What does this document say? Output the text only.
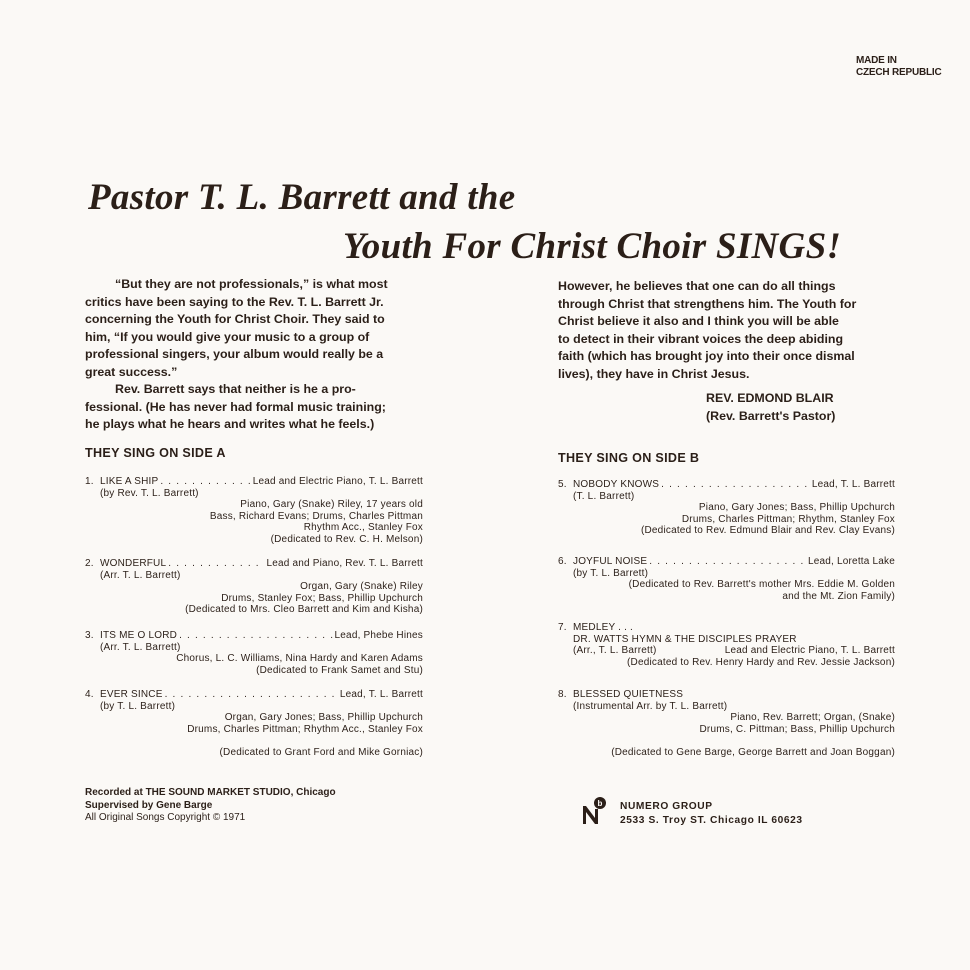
MADE IN
CZECH REPUBLIC
Pastor T. L. Barrett and the
Youth For Christ Choir SINGS!
“But they are not professionals,” is what most
critics have been saying to the Rev. T. L. Barrett Jr.
concerning the Youth for Christ Choir. They said to
him, “If you would give your music to a group of
professional singers, your album would really be a
great success.”
Rev. Barrett says that neither is he a pro-
fessional. (He has never had formal music training;
he plays what he hears and writes what he feels.)
However, he believes that one can do all things
through Christ that strengthens him. The Youth for
Christ believe it also and I think you will be able
to detect in their vibrant voices the deep abiding
faith (which has brought joy into their once dismal
lives), they have in Christ Jesus.
REV. EDMOND BLAIR
(Rev. Barrett's Pastor)
THEY SING ON SIDE A	THEY SING ON SIDE B
1. LIKE A SHIP . . .	Lead and Electric Piano, T. L. Barrett
(by Rev. T. L. Barrett)
Piano, Gary (Snake) Riley, 17 years old
Bass, Richard Evans; Drums, Charles Pittman
Rhythm Acc., Stanley Fox
(Dedicated to Rev. C. H. Melson)
2. WONDERFUL . . .	Lead and Piano, Rev. T. L. Barrett
(Arr. T. L. Barrett)
Organ, Gary (Snake) Riley
Drums, Stanley Fox; Bass, Phillip Upchurch
(Dedicated to Mrs. Cleo Barrett and Kim and Kisha)
3. ITS ME O LORD . . .	Lead, Phebe Hines
(Arr. T. L. Barrett)
Chorus, L. C. Williams, Nina Hardy and Karen Adams
(Dedicated to Frank Samet and Stu)
4. EVER SINCE . . .	Lead, T. L. Barrett
(by T. L. Barrett)
Organ, Gary Jones; Bass, Phillip Upchurch
Drums, Charles Pittman; Rhythm Acc., Stanley Fox
(Dedicated to Grant Ford and Mike Gorniac)
5. NOBODY KNOWS . . .	Lead, T. L. Barrett
(T. L. Barrett)
Piano, Gary Jones; Bass, Phillip Upchurch
Drums, Charles Pittman; Rhythm, Stanley Fox
(Dedicated to Rev. Edmund Blair and Rev. Clay Evans)
6. JOYFUL NOISE . . .	Lead, Loretta Lake
(by T. L. Barrett)
(Dedicated to Rev. Barrett's mother Mrs. Eddie M. Golden
and the Mt. Zion Family)
7. MEDLEY . . .
DR. WATTS HYMN & THE DISCIPLES PRAYER
(Arr., T. L. Barrett)	Lead and Electric Piano, T. L. Barrett
(Dedicated to Rev. Henry Hardy and Rev. Jessie Jackson)
8. BLESSED QUIETNESS
(Instrumental Arr. by T. L. Barrett)
Piano, Rev. Barrett; Organ, (Snake)
Drums, C. Pittman; Bass, Phillip Upchurch
(Dedicated to Gene Barge, George Barrett and Joan Boggan)
Recorded at THE SOUND MARKET STUDIO, Chicago
Supervised by Gene Barge
All Original Songs Copyright © 1971
b NUMERO GROUP
2533 S. Troy ST. Chicago IL 60623
